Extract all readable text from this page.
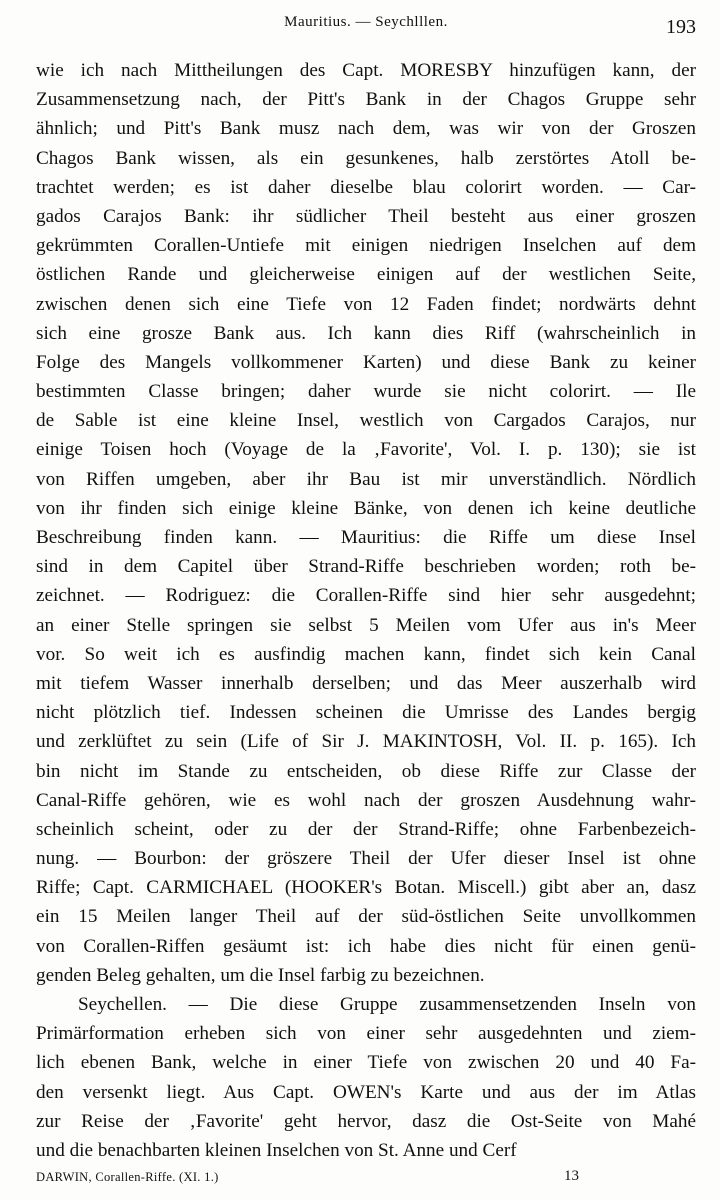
Mauritius. — Seychlllen.	193
wie ich nach Mittheilungen des Capt. MORESBY hinzufügen kann, der
Zusammensetzung nach, der Pitt's Bank in der Chagos Gruppe sehr
ähnlich; und Pitt's Bank musz nach dem, was wir von der Groszen
Chagos Bank wissen, als ein gesunkenes, halb zerstörtes Atoll be-
trachtet werden; es ist daher dieselbe blau colorirt worden. — Car-
gados Carajos Bank: ihr südlicher Theil besteht aus einer groszen
gekrümmten Corallen-Untiefe mit einigen niedrigen Inselchen auf dem
östlichen Rande und gleicherweise einigen auf der westlichen Seite,
zwischen denen sich eine Tiefe von 12 Faden findet; nordwärts dehnt
sich eine grosze Bank aus. Ich kann dies Riff (wahrscheinlich in
Folge des Mangels vollkommener Karten) und diese Bank zu keiner
bestimmten Classe bringen; daher wurde sie nicht colorirt. — Ile
de Sable ist eine kleine Insel, westlich von Cargados Carajos, nur
einige Toisen hoch (Voyage de la ‚Favorite', Vol. I. p. 130); sie ist
von Riffen umgeben, aber ihr Bau ist mir unverständlich. Nördlich
von ihr finden sich einige kleine Bänke, von denen ich keine deutliche
Beschreibung finden kann. — Mauritius: die Riffe um diese Insel
sind in dem Capitel über Strand-Riffe beschrieben worden; roth be-
zeichnet. — Rodriguez: die Corallen-Riffe sind hier sehr ausgedehnt;
an einer Stelle springen sie selbst 5 Meilen vom Ufer aus in's Meer
vor. So weit ich es ausfindig machen kann, findet sich kein Canal
mit tiefem Wasser innerhalb derselben; und das Meer auszerhalb wird
nicht plötzlich tief. Indessen scheinen die Umrisse des Landes bergig
und zerklüftet zu sein (Life of Sir J. MAKINTOSH, Vol. II. p. 165). Ich
bin nicht im Stande zu entscheiden, ob diese Riffe zur Classe der
Canal-Riffe gehören, wie es wohl nach der groszen Ausdehnung wahr-
scheinlich scheint, oder zu der der Strand-Riffe; ohne Farbenbezeich-
nung. — Bourbon: der gröszere Theil der Ufer dieser Insel ist ohne
Riffe; Capt. CARMICHAEL (HOOKER's Botan. Miscell.) gibt aber an, dasz
ein 15 Meilen langer Theil auf der süd-östlichen Seite unvollkommen
von Corallen-Riffen gesäumt ist: ich habe dies nicht für einen genü-
genden Beleg gehalten, um die Insel farbig zu bezeichnen.
Seychellen. — Die diese Gruppe zusammensetzenden Inseln von
Primärformation erheben sich von einer sehr ausgedehnten und ziem-
lich ebenen Bank, welche in einer Tiefe von zwischen 20 und 40 Fa-
den versenkt liegt. Aus Capt. OWEN's Karte und aus der im Atlas
zur Reise der ‚Favorite' geht hervor, dasz die Ost-Seite von Mahé
und die benachbarten kleinen Inselchen von St. Anne und Cerf
DARWIN, Corallen-Riffe. (XI. 1.)	13
